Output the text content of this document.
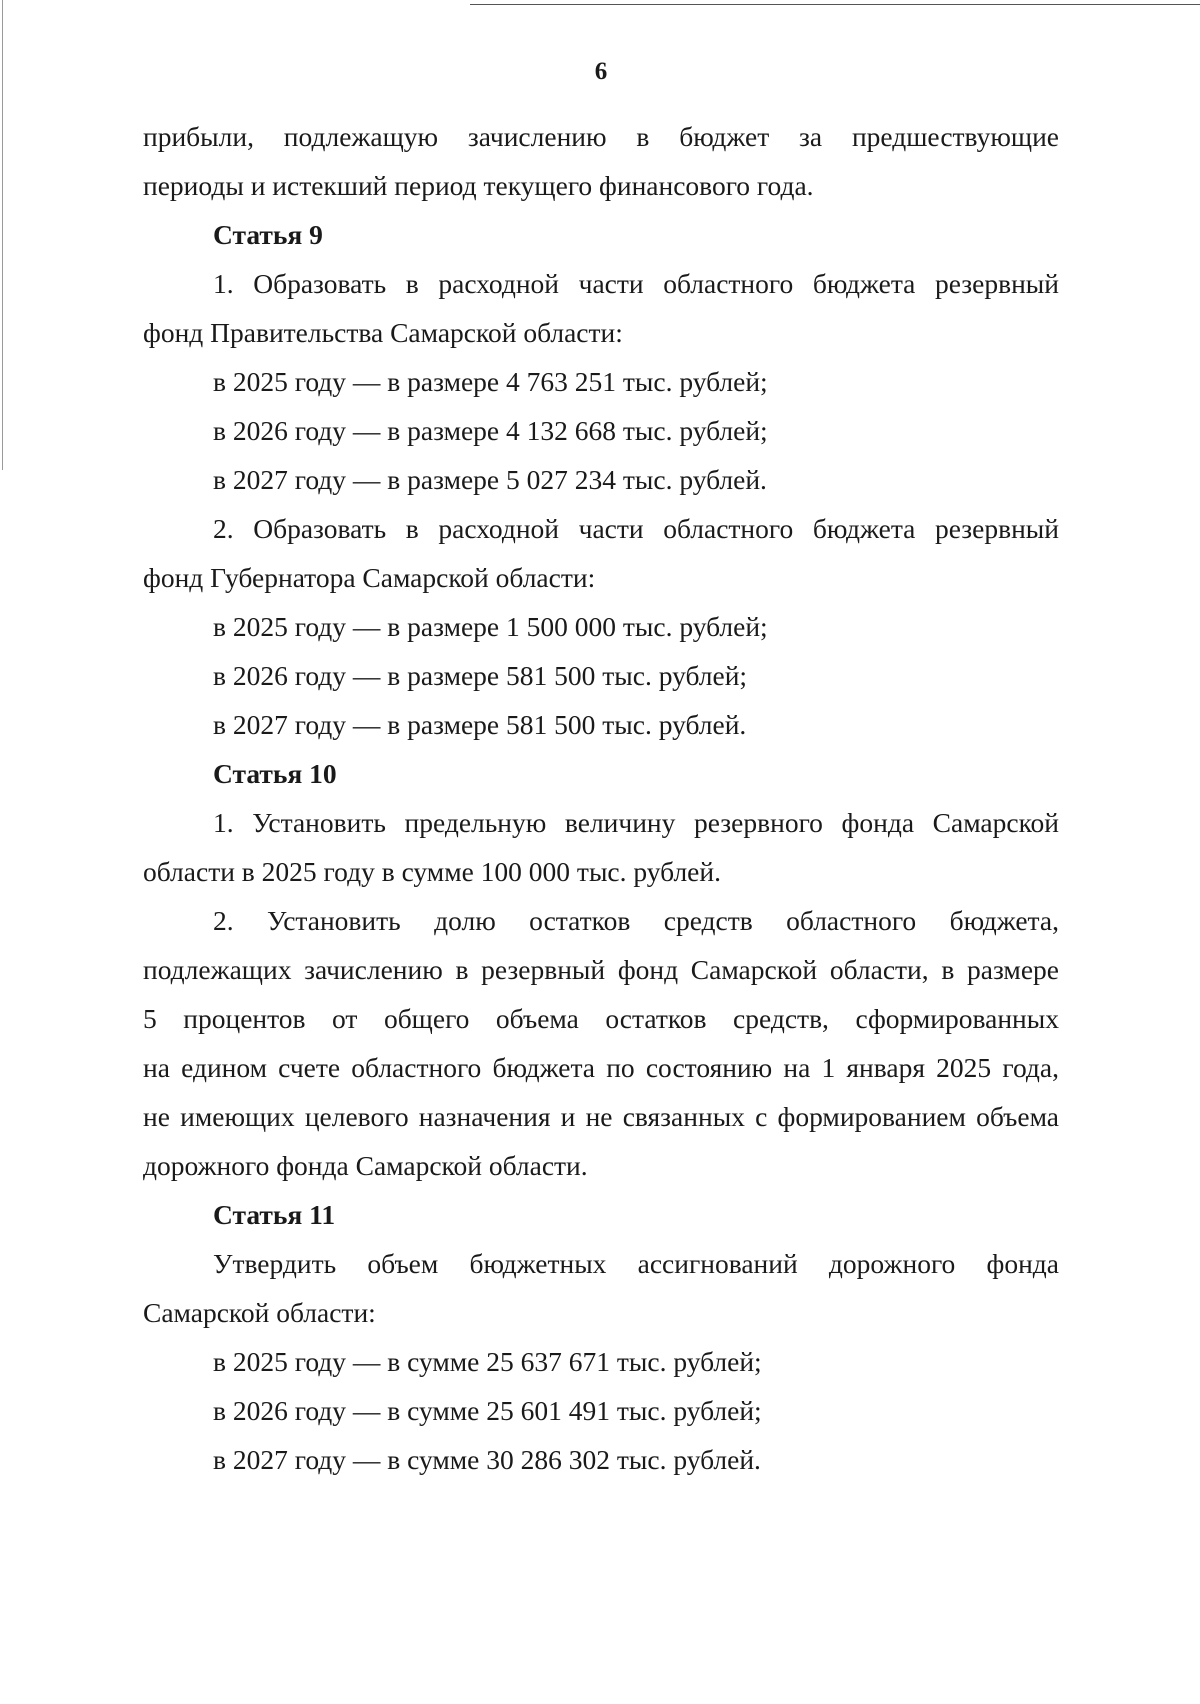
6
прибыли, подлежащую зачислению в бюджет за предшествующие
периоды и истекший период текущего финансового года.
Статья 9
1. Образовать в расходной части областного бюджета резервный
фонд Правительства Самарской области:
в 2025 году — в размере 4 763 251 тыс. рублей;
в 2026 году — в размере 4 132 668 тыс. рублей;
в 2027 году — в размере 5 027 234 тыс. рублей.
2. Образовать в расходной части областного бюджета резервный
фонд Губернатора Самарской области:
в 2025 году — в размере 1 500 000 тыс. рублей;
в 2026 году — в размере 581 500 тыс. рублей;
в 2027 году — в размере 581 500 тыс. рублей.
Статья 10
1. Установить предельную величину резервного фонда Самарской
области в 2025 году в сумме 100 000 тыс. рублей.
2. Установить долю остатков средств областного бюджета,
подлежащих зачислению в резервный фонд Самарской области, в размере
5 процентов от общего объема остатков средств, сформированных
на едином счете областного бюджета по состоянию на 1 января 2025 года,
не имеющих целевого назначения и не связанных с формированием объема
дорожного фонда Самарской области.
Статья 11
Утвердить объем бюджетных ассигнований дорожного фонда
Самарской области:
в 2025 году — в сумме 25 637 671 тыс. рублей;
в 2026 году — в сумме 25 601 491 тыс. рублей;
в 2027 году — в сумме 30 286 302 тыс. рублей.
